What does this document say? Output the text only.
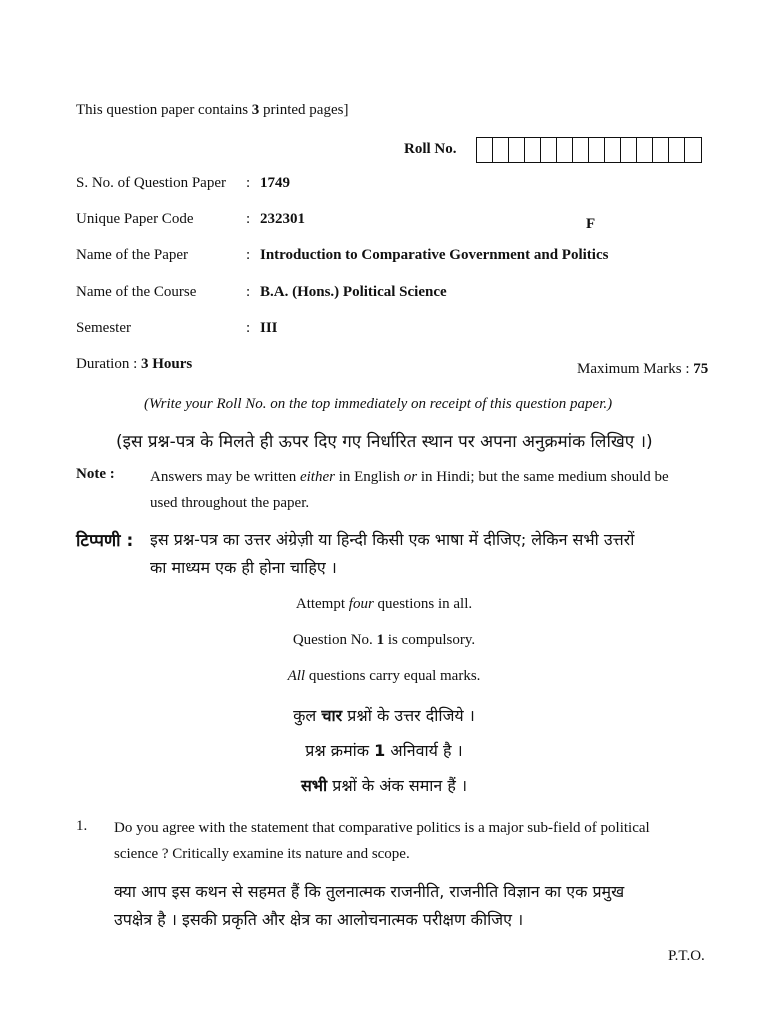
This question paper contains 3 printed pages]
Roll No.
S. No. of Question Paper : 1749
Unique Paper Code	: 232301	F
Name of the Paper	: Introduction to Comparative Government and Politics
Name of the Course	: B.A. (Hons.) Political Science
Semester	: III
Duration : 3 Hours	Maximum Marks : 75
(Write your Roll No. on the top immediately on receipt of this question paper.)
(इस प्रश्न-पत्र के मिलते ही ऊपर दिए गए निर्धारित स्थान पर अपना अनुक्रमांक लिखिए ।)
Note : Answers may be written either in English or in Hindi; but the same medium should be
used throughout the paper.
टिप्पणी : इस प्रश्न-पत्र का उत्तर अंग्रेज़ी या हिन्दी किसी एक भाषा में दीजिए; लेकिन सभी उत्तरों
का माध्यम एक ही होना चाहिए ।
Attempt four questions in all.
Question No. 1 is compulsory.
All questions carry equal marks.
कुल चार प्रश्नों के उत्तर दीजिये ।
प्रश्न क्रमांक 1 अनिवार्य है ।
सभी प्रश्नों के अंक समान हैं ।
1. Do you agree with the statement that comparative politics is a major sub-field of political
science ? Critically examine its nature and scope.
क्या आप इस कथन से सहमत हैं कि तुलनात्मक राजनीति, राजनीति विज्ञान का एक प्रमुख
उपक्षेत्र है । इसकी प्रकृति और क्षेत्र का आलोचनात्मक परीक्षण कीजिए ।
P.T.O.
